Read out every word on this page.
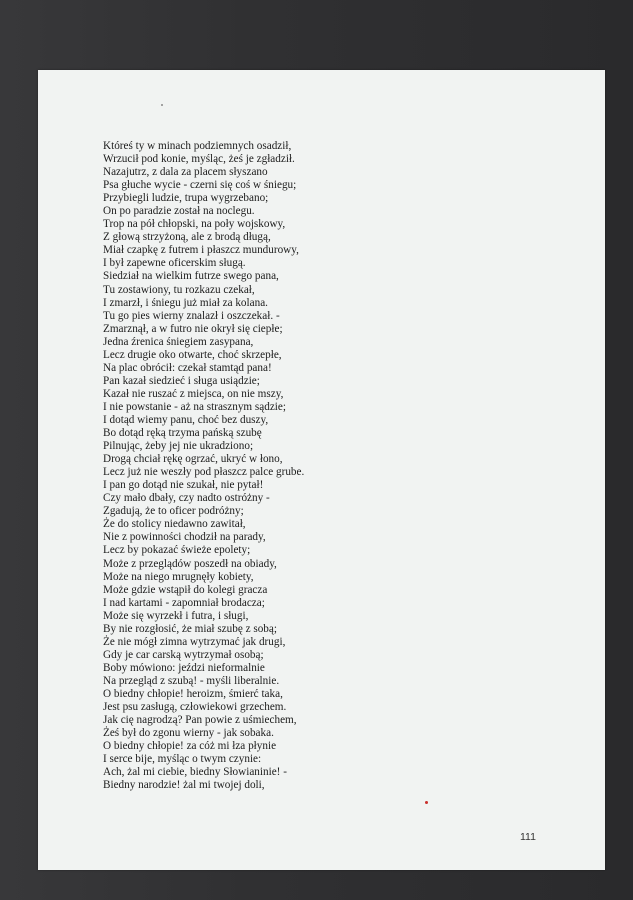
Któreś ty w minach podziemnych osadził,
Wrzucił pod konie, myśląc, żeś je zgładził.
Nazajutrz, z dala za placem słyszano
Psa głuche wycie - czerni się coś w śniegu;
Przybiegli ludzie, trupa wygrzebano;
On po paradzie został na noclegu.
Trop na pół chłopski, na poły wojskowy,
Z głową strzyżoną, ale z brodą długą,
Miał czapkę z futrem i płaszcz mundurowy,
I był zapewne oficerskim sługą.
Siedział na wielkim futrze swego pana,
Tu zostawiony, tu rozkazu czekał,
I zmarzł, i śniegu już miał za kolana.
Tu go pies wierny znalazł i oszczekał. -
Zmarznął, a w futro nie okrył się ciepłe;
Jedna źrenica śniegiem zasypana,
Lecz drugie oko otwarte, choć skrzepłe,
Na plac obrócił: czekał stamtąd pana!
Pan kazał siedzieć i sługa usiądzie;
Kazał nie ruszać z miejsca, on nie mszy,
I nie powstanie - aż na strasznym sądzie;
I dotąd wiemy panu, choć bez duszy,
Bo dotąd ręką trzyma pańską szubę
Pilnując, żeby jej nie ukradziono;
Drogą chciał rękę ogrzać, ukryć w łono,
Lecz już nie weszły pod płaszcz palce grube.
I pan go dotąd nie szukał, nie pytał!
Czy mało dbały, czy nadto ostróżny -
Zgadują, że to oficer podróżny;
Że do stolicy niedawno zawitał,
Nie z powinności chodził na parady,
Lecz by pokazać świeże epolety;
Może z przeglądów poszedł na obiady,
Może na niego mrugnęły kobiety,
Może gdzie wstąpił do kolegi gracza
I nad kartami - zapomniał brodacza;
Może się wyrzekł i futra, i sługi,
By nie rozgłosić, że miał szubę z sobą;
Że nie mógł zimna wytrzymać jak drugi,
Gdy je car carską wytrzymał osobą;
Boby mówiono: jeździ nieformalnie
Na przegląd z szubą! - myśli liberalnie.
O biedny chłopie! heroizm, śmierć taka,
Jest psu zasługą, człowiekowi grzechem.
Jak cię nagrodzą? Pan powie z uśmiechem,
Żeś był do zgonu wierny - jak sobaka.
O biedny chłopie! za cóż mi łza płynie
I serce bije, myśląc o twym czynie:
Ach, żal mi ciebie, biedny Słowianinie! -
Biedny narodzie! żal mi twojej doli,
111
